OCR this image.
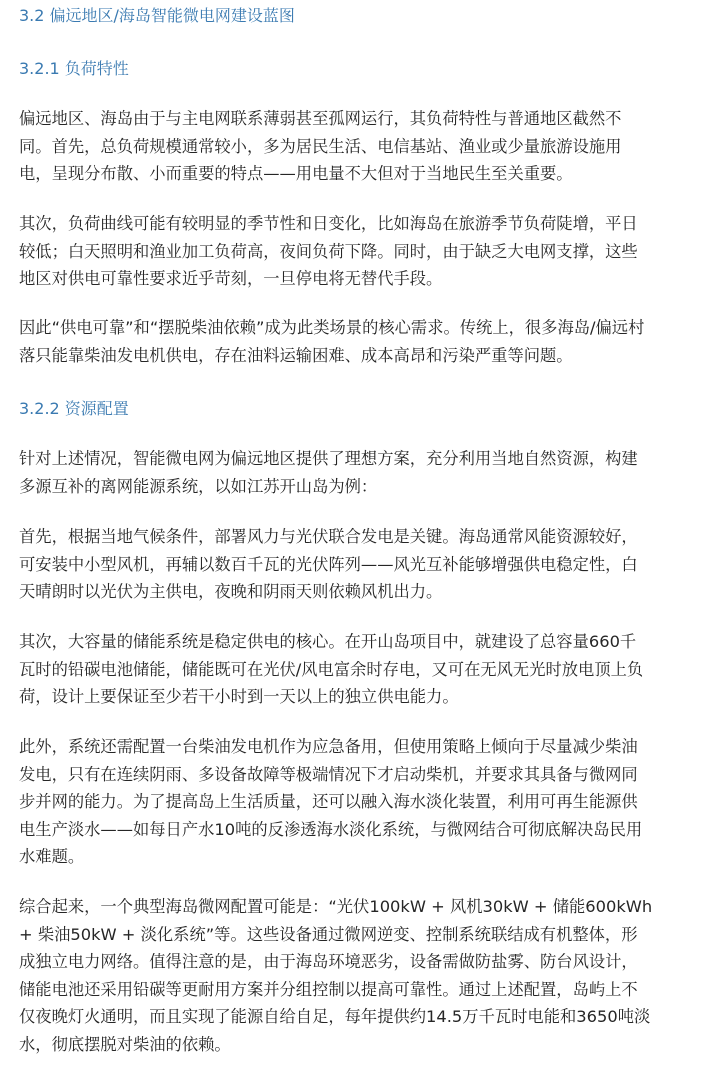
3.2 偏远地区/海岛智能微电网建设蓝图
3.2.1 负荷特性
偏远地区、海岛由于与主电网联系薄弱甚至孤网运行，其负荷特性与普通地区截然不
同。首先，总负荷规模通常较小，多为居民生活、电信基站、渔业或少量旅游设施用
电，呈现分布散、小而重要的特点——用电量不大但对于当地民生至关重要。
其次，负荷曲线可能有较明显的季节性和日变化，比如海岛在旅游季节负荷陡增，平日
较低；白天照明和渔业加工负荷高，夜间负荷下降。同时，由于缺乏大电网支撑，这些
地区对供电可靠性要求近乎苛刻，一旦停电将无替代手段。
因此“供电可靠”和“摆脱柴油依赖”成为此类场景的核心需求。传统上，很多海岛/偏远村
落只能靠柴油发电机供电，存在油料运输困难、成本高昂和污染严重等问题。
3.2.2 资源配置
针对上述情况，智能微电网为偏远地区提供了理想方案，充分利用当地自然资源，构建
多源互补的离网能源系统，以如江苏开山岛为例：
首先，根据当地气候条件，部署风力与光伏联合发电是关键。海岛通常风能资源较好，
可安装中小型风机，再辅以数百千瓦的光伏阵列——风光互补能够增强供电稳定性，白
天晴朗时以光伏为主供电，夜晚和阴雨天则依赖风机出力。
其次，大容量的储能系统是稳定供电的核心。在开山岛项目中，就建设了总容量660千
瓦时的铅碳电池储能，储能既可在光伏/风电富余时存电，又可在无风无光时放电顶上负
荷，设计上要保证至少若干小时到一天以上的独立供电能力。
此外，系统还需配置一台柴油发电机作为应急备用，但使用策略上倾向于尽量减少柴油
发电，只有在连续阴雨、多设备故障等极端情况下才启动柴机，并要求其具备与微网同
步并网的能力。为了提高岛上生活质量，还可以融入海水淡化装置，利用可再生能源供
电生产淡水——如每日产水10吨的反渗透海水淡化系统，与微网结合可彻底解决岛民用
水难题。
综合起来，一个典型海岛微网配置可能是：“光伏100kW + 风机30kW + 储能600kWh
+ 柴油50kW + 淡化系统”等。这些设备通过微网逆变、控制系统联结成有机整体，形
成独立电力网络。值得注意的是，由于海岛环境恶劣，设备需做防盐雾、防台风设计，
储能电池还采用铅碳等更耐用方案并分组控制以提高可靠性。通过上述配置，岛屿上不
仅夜晚灯火通明，而且实现了能源自给自足，每年提供约14.5万千瓦时电能和3650吨淡
水，彻底摆脱对柴油的依赖。
